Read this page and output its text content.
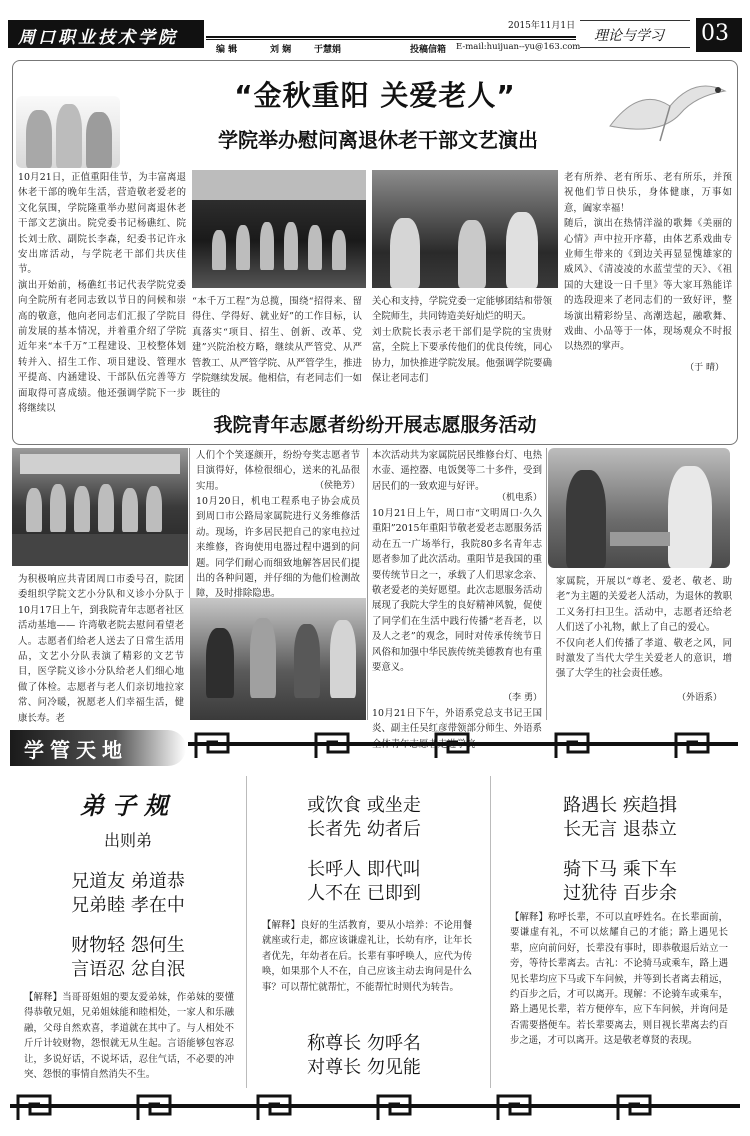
周口职业技术学院
编 辑	刘 娴	于慧娟	投稿信箱 E-mail:huijuan--yu@163.com
2015年11月1日
理论与学习 03
“金秋重阳 关爱老人”
学院举办慰问离退休老干部文艺演出
10月21日，正值重阳佳节，为丰富离退休老干部的晚年生活，营造敬老爱老的文化氛围，学院隆重举办慰问离退休老干部文艺演出。院党委书记杨礁红、院长刘士欣、副院长李森，纪委书记许永安出席活动，与学院老干部们共庆佳节。
演出开始前，杨礁红书记代表学院党委向全院所有老同志致以节日的问候和崇高的敬意，他向老同志们汇报了学院目前发展的基本情况，并着重介绍了学院近年来“本千万”工程建设、卫校整体划转并入、招生工作、项目建设、管理水平提高、内涵建设、干部队伍完善等方面取得可喜成绩。他还强调学院下一步将继续以
“本千万工程”为总揽，围绕“招得来、留得住、学得好、就业好”的工作目标，认真落实“项目、招生、创新、改革、党建”兴院治校方略，继续从严管党、从严管教工、从严管学院、从严管学生，推进学院继续发展。他相信，有老同志们一如既往的
关心和支持，学院党委一定能够团结和带领全院师生，共同铸造美好灿烂的明天。
刘士欣院长表示老干部们是学院的宝贵财富，全院上下要承传他们的优良传统，同心协力，加快推进学院发展。他强调学院要确保让老同志们
老有所养、老有所乐、老有所乐，并预祝他们节日快乐，身体健康，万事如意，阖家幸福！
随后，演出在热情洋溢的歌舞《美丽的心情》声中拉开序幕，由体艺系戏曲专业师生带来的《到边关再显显愧雄家的威风》、《清凌凌的水蓝莹莹的天》、《祖国的大建设一日千里》等大家耳熟能详的选段迎来了老同志们的一致好评，整场演出精彩纷呈、高潮迭起，融歌舞、戏曲、小品等于一体，现场观众不时报以热烈的掌声。
（于 晴）
我院青年志愿者纷纷开展志愿服务活动
为积极响应共青团周口市委号召，院团委组织学院文艺小分队和义诊小分队于10月17日上午，到我院青年志愿者社区活动基地—— 许湾敬老院去慰问看望老人。志愿者们给老人送去了日常生活用品，文艺小分队表演了精彩的文艺节目，医学院义诊小分队给老人们细心地做了体检。志愿者与老人们亲切地拉家常、问冷暖，祝愿老人们幸福生活，健康长寿。老
人们个个笑逐颜开，纷纷夸奖志愿者节目演得好，体检很细心，送来的礼品很实用。	（侯艳芳）
10月20日，机电工程系电子协会成员到周口市公路局家属院进行义务维修活动。现场，许多居民把自己的家电拉过来维修，咨询使用电器过程中遇到的问题。同学们耐心而细致地解答居民们提出的各种问题，并仔细的为他们检测故障，及时排除隐患。
本次活动共为家属院居民维修台灯、电热水壶、遥控器、电饭煲等二十多件，受到居民们的一致欢迎与好评。
（机电系）
10月21日上午，周口市“文明周口·久久重阳”2015年重阳节敬老爱老志愿服务活动在五一广场举行，我院80多名青年志愿者参加了此次活动。重阳节是我国的重要传统节日之一，承载了人们思家念亲、敬老爱老的美好愿望。此次志愿服务活动展现了我院大学生的良好精神风貌，促使了同学们在生活中践行传播“老吾老，以及人之老”的观念，同时对传承传统节日风俗和加强中华民族传统美德教育也有重要意义。
（李 勇）
10月21日下午，外语系党总支书记王国炎、副主任吴红彦带领部分师生、外语系
家属院，开展以“尊老、爱老、敬老、助老”为主题的关爱老人活动，为退休的教职工义务打扫卫生。活动中，志愿者还给老人们送了小礼物，献上了自己的爱心。
不仅向老人们传播了孝道、敬老之风，同时激发了当代大学生关爱老人的意识，增强了大学生的社会责任感。
（外语系）
学管天地
弟子规
出则弟
兄道友 弟道恭
兄弟睦 孝在中
财物轻 怨何生
言语忍 忿自泯
【解释】当哥哥姐姐的要友爱弟妹，作弟妹的要懂得恭敬兄姐，兄弟姐妹能和睦相处，一家人和乐融融，父母自然欢喜，孝道就在其中了。与人相处不斤斤计较财物，怨恨就无从生起。言语能够包容忍让，多说好话，不说坏话，忍住气话，不必要的冲突、怨恨的事情自然消失不生。
或饮食 或坐走
长者先 幼者后
长呼人 即代叫
人不在 已即到
【解释】良好的生活教育，要从小培养：不论用餐就座或行走，都应该谦虚礼让，长幼有序，让年长者优先，年幼者在后。长辈有事呼唤人，应代为传唤，如果那个人不在，自己应该主动去询问是什么事？可以帮忙就帮忙，不能帮忙时则代为转告。
称尊长 勿呼名
对尊长 勿见能
路遇长 疾趋揖
长无言 退恭立
骑下马 乘下车
过犹待 百步余
【解释】称呼长辈，不可以直呼姓名。在长辈面前，要谦虚有礼，不可以炫耀自己的才能；路上遇见长辈，应向前问好，长辈没有事时，即恭敬退后站立一旁，等待长辈离去。古礼：不论骑马或乘车，路上遇见长辈均应下马或下车问候，并等到长者离去稍远，约百步之后，才可以离开。现解：不论骑车或乘车，路上遇见长辈，若方便停车，应下车问候，并询问是否需要搭便车。若长辈要离去，则目视长辈离去约百步之遥，才可以离开。这是敬老尊贤的表现。
